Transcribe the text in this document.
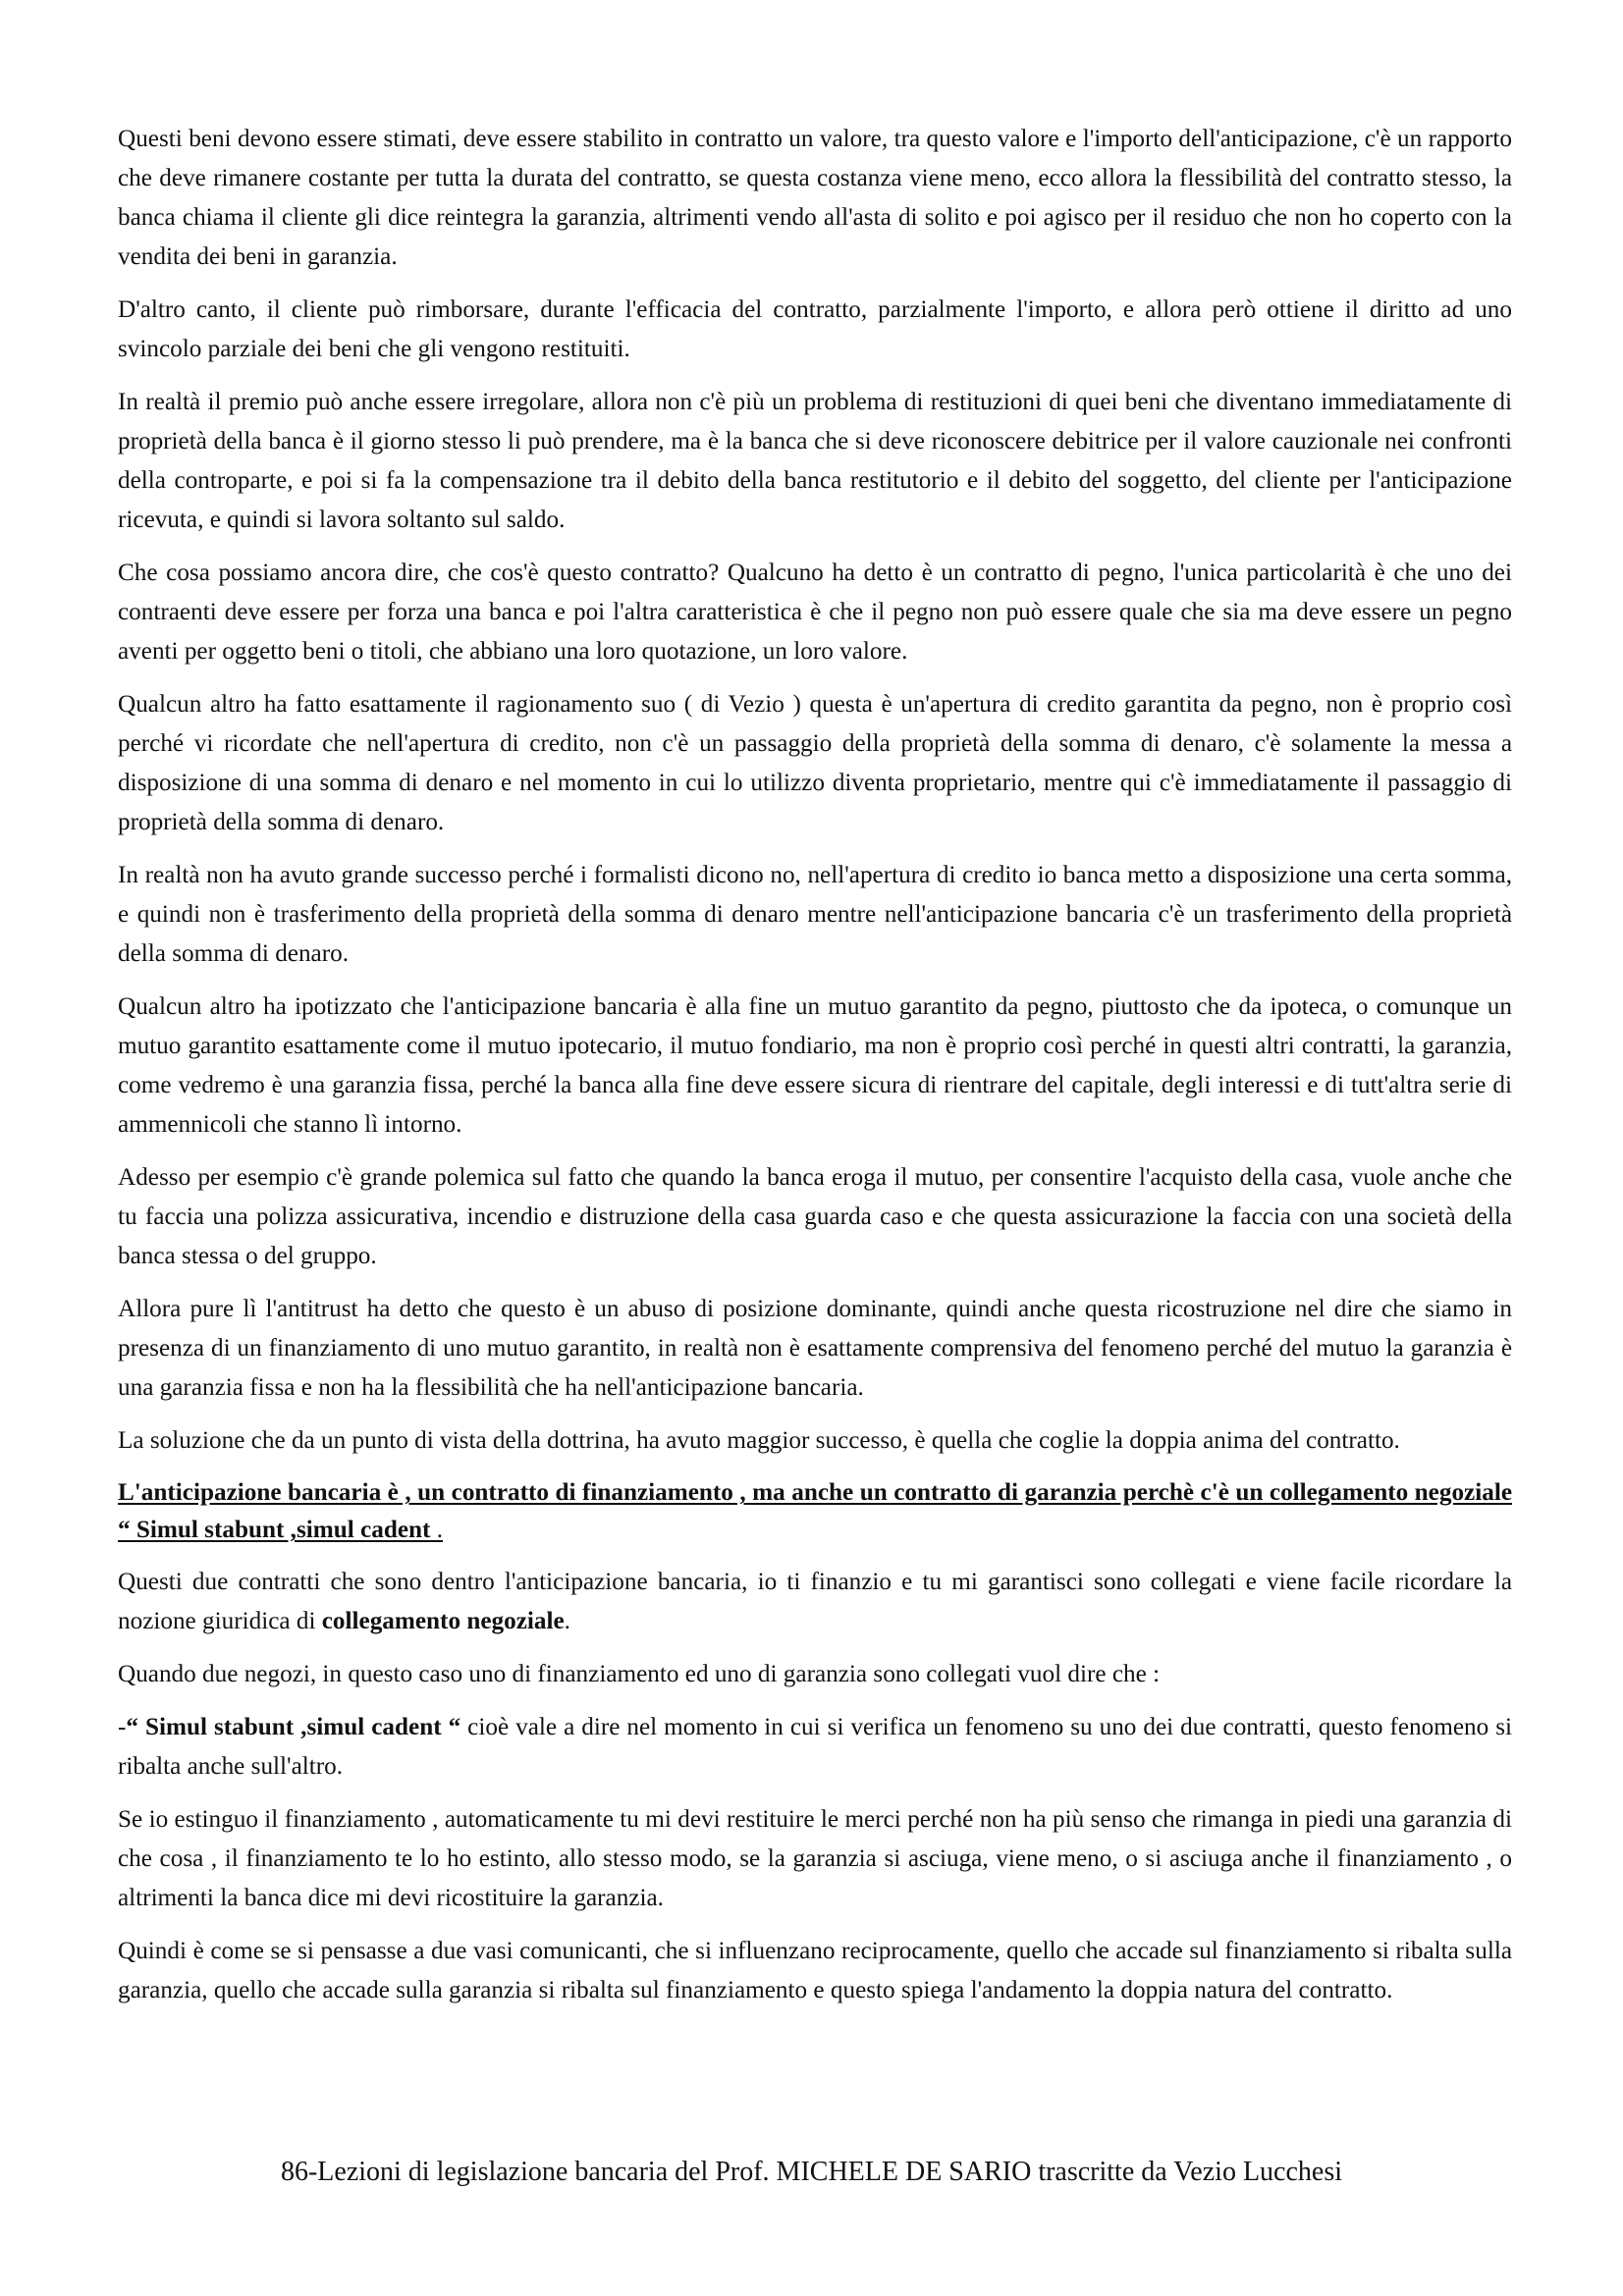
Questi beni devono essere stimati, deve essere stabilito in contratto un valore, tra questo valore e l'importo dell'anticipazione, c'è un rapporto che deve rimanere costante per tutta la durata del contratto, se questa costanza viene meno, ecco allora la flessibilità del contratto stesso, la banca chiama il cliente gli dice reintegra la garanzia, altrimenti vendo all'asta di solito e poi agisco per il residuo che non ho coperto con la vendita dei beni in garanzia.

D'altro canto, il cliente può rimborsare, durante l'efficacia del contratto, parzialmente l'importo, e allora però ottiene il diritto ad uno svincolo parziale dei beni che gli vengono restituiti.

In realtà il premio può anche essere irregolare, allora non c'è più un problema di restituzioni di quei beni che diventano immediatamente di proprietà della banca è il giorno stesso li può prendere, ma è la banca che si deve riconoscere debitrice per il valore cauzionale nei confronti della controparte, e poi si fa la compensazione tra il debito della banca restitutorio e il debito del soggetto, del cliente per l'anticipazione ricevuta, e quindi si lavora soltanto sul saldo.

Che cosa possiamo ancora dire, che cos'è questo contratto? Qualcuno ha detto è un contratto di pegno, l'unica particolarità è che uno dei contraenti deve essere per forza una banca e poi l'altra caratteristica è che il pegno non può essere quale che sia ma deve essere un pegno aventi per oggetto beni o titoli, che abbiano una loro quotazione, un loro valore.

Qualcun altro ha fatto esattamente il ragionamento suo ( di Vezio ) questa è un'apertura di credito garantita da pegno, non è proprio così perché vi ricordate che nell'apertura di credito, non c'è un passaggio della proprietà della somma di denaro, c'è solamente la messa a disposizione di una somma di denaro e nel momento in cui lo utilizzo diventa proprietario, mentre qui c'è immediatamente il passaggio di proprietà della somma di denaro.

In realtà non ha avuto grande successo perché i formalisti dicono no, nell'apertura di credito io banca metto a disposizione una certa somma, e quindi non è trasferimento della proprietà della somma di denaro mentre nell'anticipazione bancaria c'è un trasferimento della proprietà della somma di denaro.

Qualcun altro ha ipotizzato che l'anticipazione bancaria è alla fine un mutuo garantito da pegno, piuttosto che da ipoteca, o comunque un mutuo garantito esattamente come il mutuo ipotecario, il mutuo fondiario, ma non è proprio così perché in questi altri contratti, la garanzia, come vedremo è una garanzia fissa, perché la banca alla fine deve essere sicura di rientrare del capitale, degli interessi e di tutt'altra serie di ammennicoli che stanno lì intorno.

Adesso per esempio c'è grande polemica sul fatto che quando la banca eroga il mutuo, per consentire l'acquisto della casa, vuole anche che tu faccia una polizza assicurativa, incendio e distruzione della casa guarda caso e che questa assicurazione la faccia con una società della banca stessa o del gruppo.

Allora pure lì l'antitrust ha detto che questo è un abuso di posizione dominante, quindi anche questa ricostruzione nel dire che siamo in presenza di un finanziamento di uno mutuo garantito, in realtà non è esattamente comprensiva del fenomeno perché del mutuo la garanzia è una garanzia fissa e non ha la flessibilità che ha nell'anticipazione bancaria.

La soluzione che da un punto di vista della dottrina, ha avuto maggior successo, è quella che coglie la doppia anima del contratto.

L'anticipazione bancaria è , un contratto di finanziamento , ma anche un contratto di garanzia perchè c'è un collegamento negoziale “ Simul stabunt ,simul cadent .

Questi due contratti che sono dentro l'anticipazione bancaria, io ti finanzio e tu mi garantisci sono collegati e viene facile ricordare la nozione giuridica di collegamento negoziale.

Quando due negozi, in questo caso uno di finanziamento ed uno di garanzia sono collegati vuol dire che :

-“ Simul stabunt ,simul cadent “ cioè vale a dire nel momento in cui si verifica un fenomeno su uno dei due contratti, questo fenomeno si ribalta anche sull'altro.

Se io estinguo il finanziamento , automaticamente tu mi devi restituire le merci perché non ha più senso che rimanga in piedi una garanzia di che cosa , il finanziamento te lo ho estinto, allo stesso modo, se la garanzia si asciuga, viene meno, o si asciuga anche il finanziamento , o altrimenti la banca dice mi devi ricostituire la garanzia.

Quindi è come se si pensasse a due vasi comunicanti, che si influenzano reciprocamente, quello che accade sul finanziamento si ribalta sulla garanzia, quello che accade sulla garanzia si ribalta sul finanziamento e questo spiega l'andamento la doppia natura del contratto.

86-Lezioni di legislazione bancaria del Prof. MICHELE DE SARIO trascritte da Vezio Lucchesi
